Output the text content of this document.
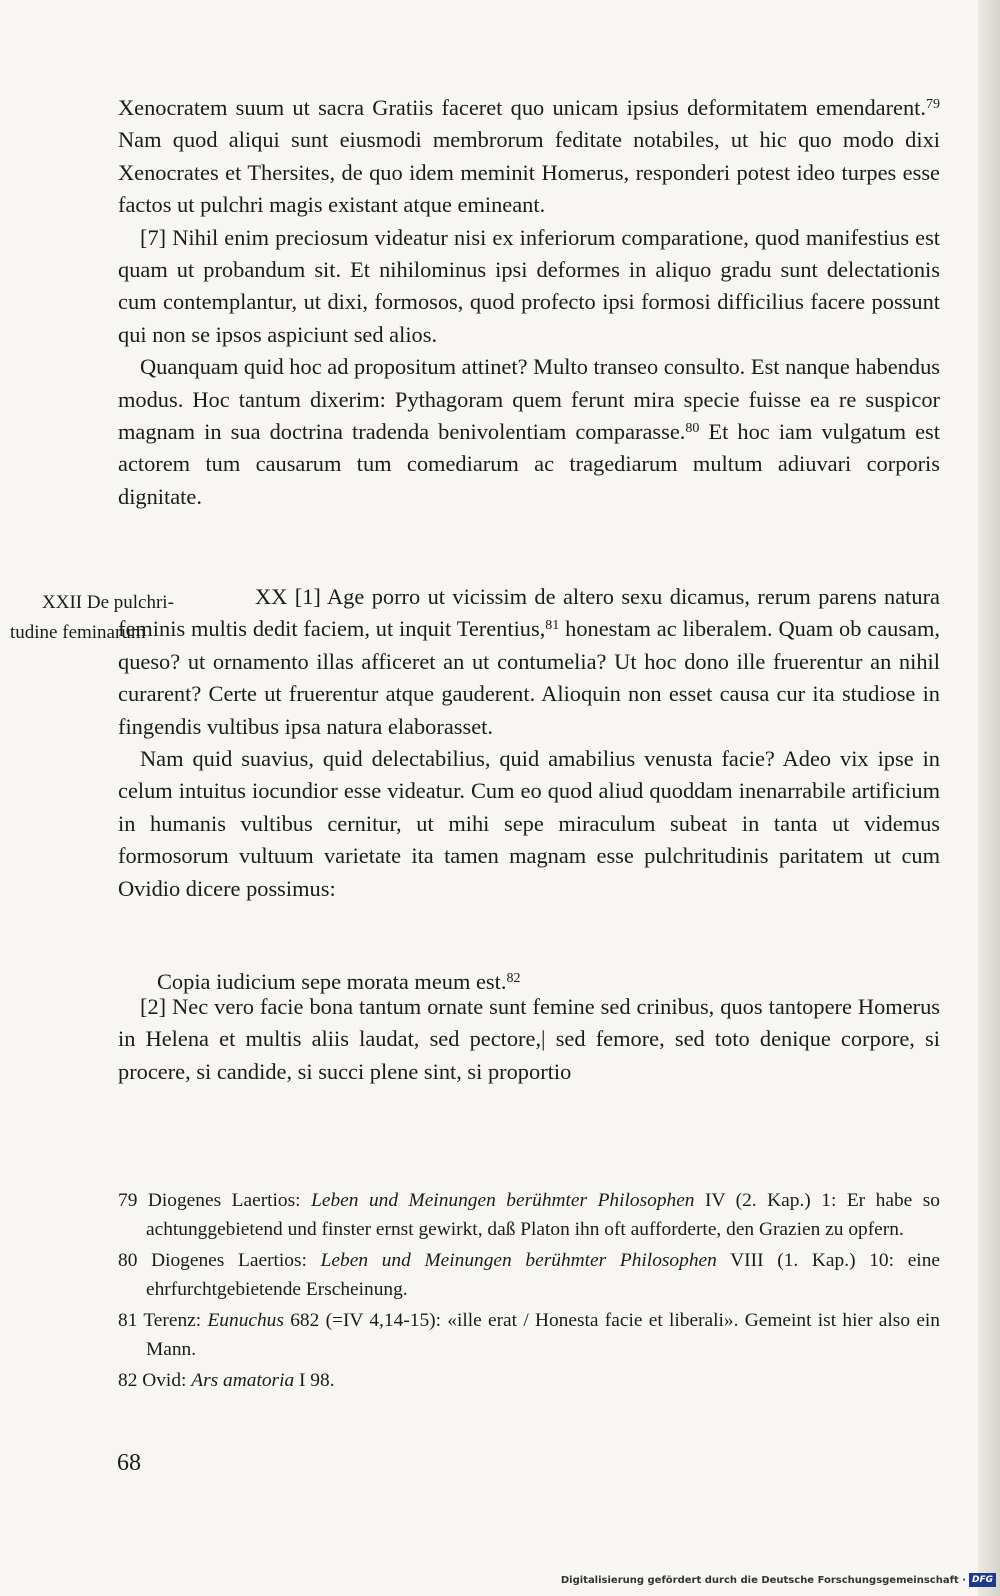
Xenocratem suum ut sacra Gratiis faceret quo unicam ipsius deformitatem emendarent.$^{79}$ Nam quod aliqui sunt eiusmodi membrorum feditate notabiles, ut hic quo modo dixi Xenocrates et Thersites, de quo idem meminit Homerus, responderi potest ideo turpes esse factos ut pulchri magis existant atque emineant.

[7] Nihil enim preciosum videatur nisi ex inferiorum comparatione, quod manifestius est quam ut probandum sit. Et nihilominus ipsi deformes in aliquo gradu sunt delectationis cum contemplantur, ut dixi, formosos, quod profecto ipsi formosi difficilius facere possunt qui non se ipsos aspiciunt sed alios.

Quanquam quid hoc ad propositum attinet? Multo transeo consulto. Est nanque habendus modus. Hoc tantum dixerim: Pythagoram quem ferunt mira specie fuisse ea re suspicor magnam in sua doctrina tradenda benivolentiam comparasse.$^{80}$ Et hoc iam vulgatum est actorem tum causarum tum comediarum ac tragediarum multum adiuvari corporis dignitate.

XXII De pulchri-
tudine feminarum

XX [1] Age porro ut vicissim de altero sexu dicamus, rerum parens natura feminis multis dedit faciem, ut inquit Terentius,$^{81}$ honestam ac liberalem. Quam ob causam, queso? ut ornamento illas afficeret an ut contumelia? Ut hoc dono ille fruerentur an nihil curarent? Certe ut fruerentur atque gauderent. Alioquin non esset causa cur ita studiose in fingendis vultibus ipsa natura elaborasset.

Nam quid suavius, quid delectabilius, quid amabilius venusta facie? Adeo vix ipse in celum intuitus iocundior esse videatur. Cum eo quod aliud quoddam inenarrabile artificium in humanis vultibus cernitur, ut mihi sepe miraculum subeat in tanta ut videmus formosorum vultuum varietate ita tamen magnam esse pulchritudinis paritatem ut cum Ovidio dicere possimus:

Copia iudicium sepe morata meum est.$^{82}$

[2] Nec vero facie bona tantum ornate sunt femine sed crinibus, quos tantopere Homerus in Helena et multis aliis laudat, sed pectore,| sed femore, sed toto denique corpore, si procere, si candide, si succi plene sint, si proportio

79 Diogenes Laertios: Leben und Meinungen berühmter Philosophen IV (2. Kap.) 1: Er habe so achtunggebietend und finster ernst gewirkt, daß Platon ihn oft aufforderte, den Grazien zu opfern.

80 Diogenes Laertios: Leben und Meinungen berühmter Philosophen VIII (1. Kap.) 10: eine ehrfurchtgebietende Erscheinung.

81 Terenz: Eunuchus 682 (=IV 4,14-15): «ille erat / Honesta facie et liberali». Gemeint ist hier also ein Mann.

82 Ovid: Ars amatoria I 98.

68
Digitalisierung gefördert durch die Deutsche Forschungsgemeinschaft · DFG
